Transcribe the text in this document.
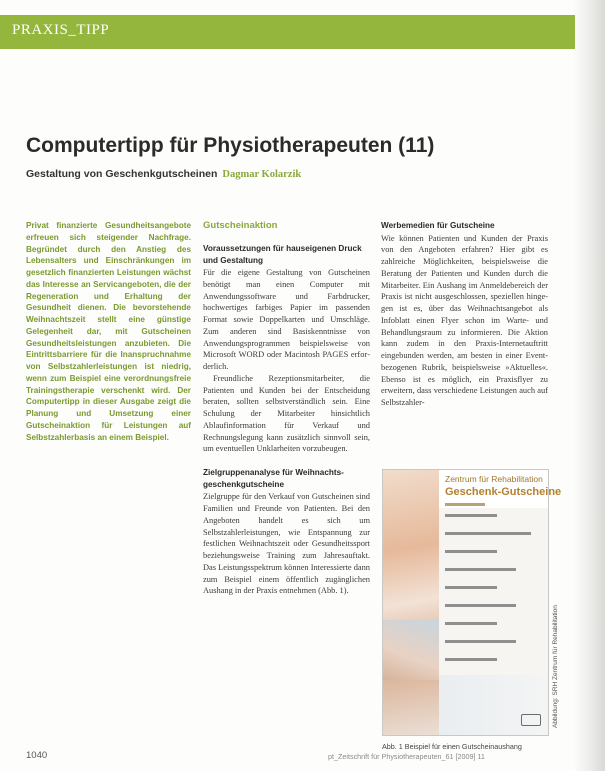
PRAXIS_TIPP
Computertipp für Physiotherapeuten (11)
Gestaltung von Geschenkgutscheinen Dagmar Kolarzik

Privat finanzierte Gesundheitsangebote erfreuen sich steigender Nachfrage. Begründet durch den Anstieg des Lebensalters und Einschränkungen im gesetzlich finanzierten Leistungen wächst das Interesse an Servicangeboten, die der Regeneration und Erhaltung der Gesundheit dienen. Die bevorstehende Weihnachtszeit stellt eine günstige Gelegenheit dar, mit Gutscheinen Gesundheitsleistungen anzubieten. Die Eintrittsbarriere für die Inanspruchnahme von Selbstzahlerleistungen ist niedrig, wenn zum Beispiel eine verordnungsfreie Trainingstherapie verschenkt wird. Der Computertipp in dieser Ausgabe zeigt die Planung und Umsetzung einer Gutscheinaktion für Leistungen auf Selbstzahlerbasis an einem Beispiel.

Gutscheinaktion
Voraussetzungen für hauseigenen Druck und Gestaltung

Für die eigene Gestaltung von Gutscheinen benötigt man einen Computer mit Anwendungssoftware und Farbdrucker, hochwertiges farbiges Papier im passenden Format sowie Doppelkarten und Umschläge. Zum anderen sind Basiskenntnisse von Anwendungsprogrammen beispielsweise von Microsoft WORD oder Macintosh PAGES erforderlich.

Freundliche Rezeptionsmitarbeiter, die Patienten und Kunden bei der Entscheidung beraten, sollten selbstverständlich sein. Eine Schulung der Mitarbeiter hinsichtlich Ablaufinformation für Verkauf und Rechnungslegung kann zusätzlich sinnvoll sein, um eventuellen Unklarheiten vorzubeugen.

Zielgruppenanalyse für Weihnachtsgeschenkgutscheine

Zielgruppe für den Verkauf von Gutscheinen sind Familien und Freunde von Patienten. Bei den Angeboten handelt es sich um Selbstzahlerleistungen, wie Entspannung zur festlichen Weihnachtszeit oder Gesundheitssport beziehungsweise Training zum Jahresauftakt. Das Leistungsspektrum können Interessierte dann zum Beispiel einem öffentlich zugänglichen Aushang in der Praxis entnehmen (Abb. 1).

Werbemedien für Gutscheine

Wie können Patienten und Kunden der Praxis von den Angeboten erfahren? Hier gibt es zahlreiche Möglichkeiten, beispielsweise die Beratung der Patienten und Kunden durch die Mitarbeiter. Ein Aushang im Anmeldebereich der Praxis ist nicht ausgeschlossen, speziellen hingegen ist es, über das Weihnachtsangebot als Infoblatt einen Flyer schon im Warte- und Behandlungsraum zu informieren. Die Aktion kann zudem in den Praxis-Internetauftritt eingebunden werden, am besten in einer Event-bezogenen Rubrik, beispielsweise »Aktuelles«. Ebenso ist es möglich, ein Praxisflyer zu erweitern, dass verschiedene Leistungen auch auf Selbstzahler-

Zentrum für Rehabilitation
Geschenk-Gutscheine
Abbildung: SRH Zentrum für Rehabilitation
Abb. 1 Beispiel für einen Gutscheinaushang
1040	pt_Zeitschrift für Physiotherapeuten_61 [2009] 11
